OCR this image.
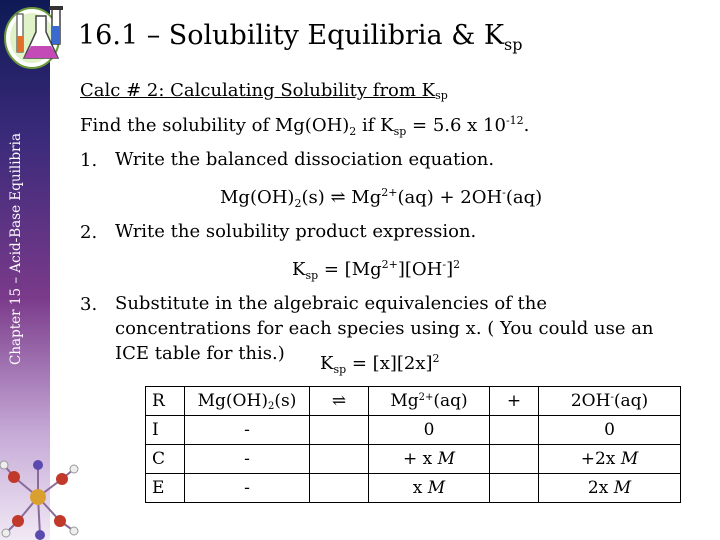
Chapter 15 – Acid-Base Equilibria
16.1 – Solubility Equilibria & $K_{sp}$
Calc # 2: Calculating Solubility from $K_{sp}$
Find the solubility of $Mg(OH)_2$ if $K_{sp} = 5.6$ x $10^{-12}$.
1. Write the balanced dissociation equation.
$Mg(OH)_2(s)$ ⇌ $Mg^{2+}(aq) + 2OH^-(aq)$
2. Write the solubility product expression.
$K_{sp} = [Mg^{2+}][OH^-]^2$
3. Substitute in the algebraic equivalencies of the concentrations for each species using x. ( You could use an ICE table for this.)	$K_{sp} = [x][2x]^2$
R	$Mg(OH)_2(s)$	⇌	$Mg^{2+}(aq)$	+	2OH-(aq)
I	-		0		0
C	-		+ x M		+2x M
E	-		x M		2x M
